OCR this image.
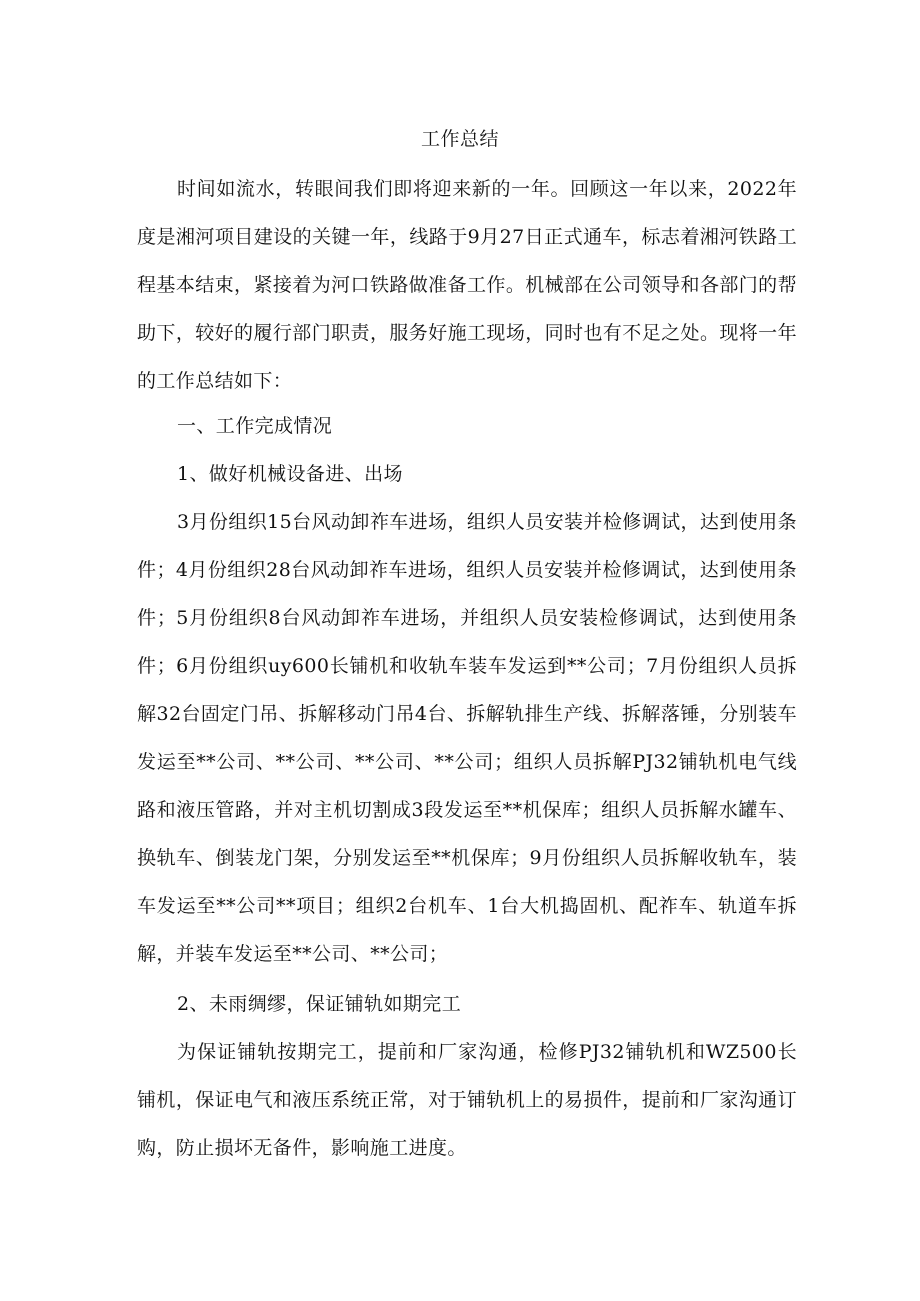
工作总结

时间如流水，转眼间我们即将迎来新的一年。回顾这一年以来，2022年度是湘河项目建设的关键一年，线路于9月27日正式通车，标志着湘河铁路工程基本结束，紧接着为河口铁路做准备工作。机械部在公司领导和各部门的帮助下，较好的履行部门职责，服务好施工现场，同时也有不足之处。现将一年的工作总结如下：

一、工作完成情况

1、做好机械设备进、出场

3月份组织15台风动卸祚车进场，组织人员安装并检修调试，达到使用条件；4月份组织28台风动卸祚车进场，组织人员安装并检修调试，达到使用条件；5月份组织8台风动卸祚车进场，并组织人员安装检修调试，达到使用条件；6月份组织uy600长铺机和收轨车装车发运到**公司；7月份组织人员拆解32台固定门吊、拆解移动门吊4台、拆解轨排生产线、拆解落锤，分别装车发运至**公司、**公司、**公司、**公司；组织人员拆解PJ32铺轨机电气线路和液压管路，并对主机切割成3段发运至**机保库；组织人员拆解水罐车、换轨车、倒装龙门架，分别发运至**机保库；9月份组织人员拆解收轨车，装车发运至**公司**项目；组织2台机车、1台大机捣固机、配祚车、轨道车拆解，并装车发运至**公司、**公司；

2、未雨绸缪，保证铺轨如期完工

为保证铺轨按期完工，提前和厂家沟通，检修PJ32铺轨机和WZ500长铺机，保证电气和液压系统正常，对于铺轨机上的易损件，提前和厂家沟通订购，防止损坏无备件，影响施工进度。
